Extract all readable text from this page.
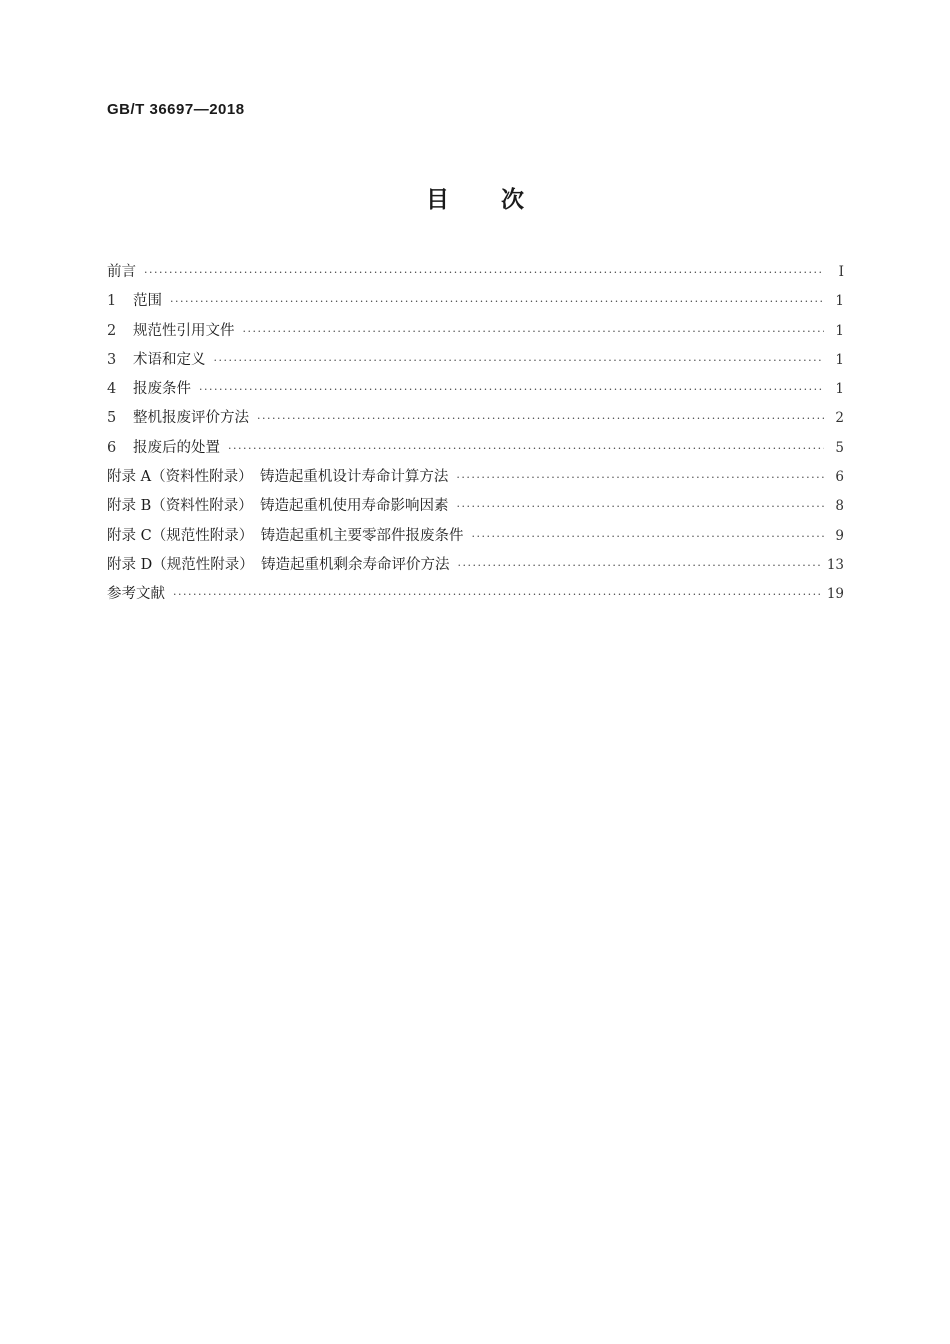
GB/T 36697—2018
目次
前言 ·····	Ⅰ
1 范围 ·····	1
2 规范性引用文件 ·····	1
3 术语和定义 ·····	1
4 报废条件 ·····	1
5 整机报废评价方法 ·····	2
6 报废后的处置 ·····	5
附录 A（资料性附录）　铸造起重机设计寿命计算方法 ·····	6
附录 B（资料性附录）　铸造起重机使用寿命影响因素 ·····	8
附录 C（规范性附录）　铸造起重机主要零部件报废条件 ·····	9
附录 D（规范性附录）　铸造起重机剩余寿命评价方法 ·····	13
参考文献 ·····	19
